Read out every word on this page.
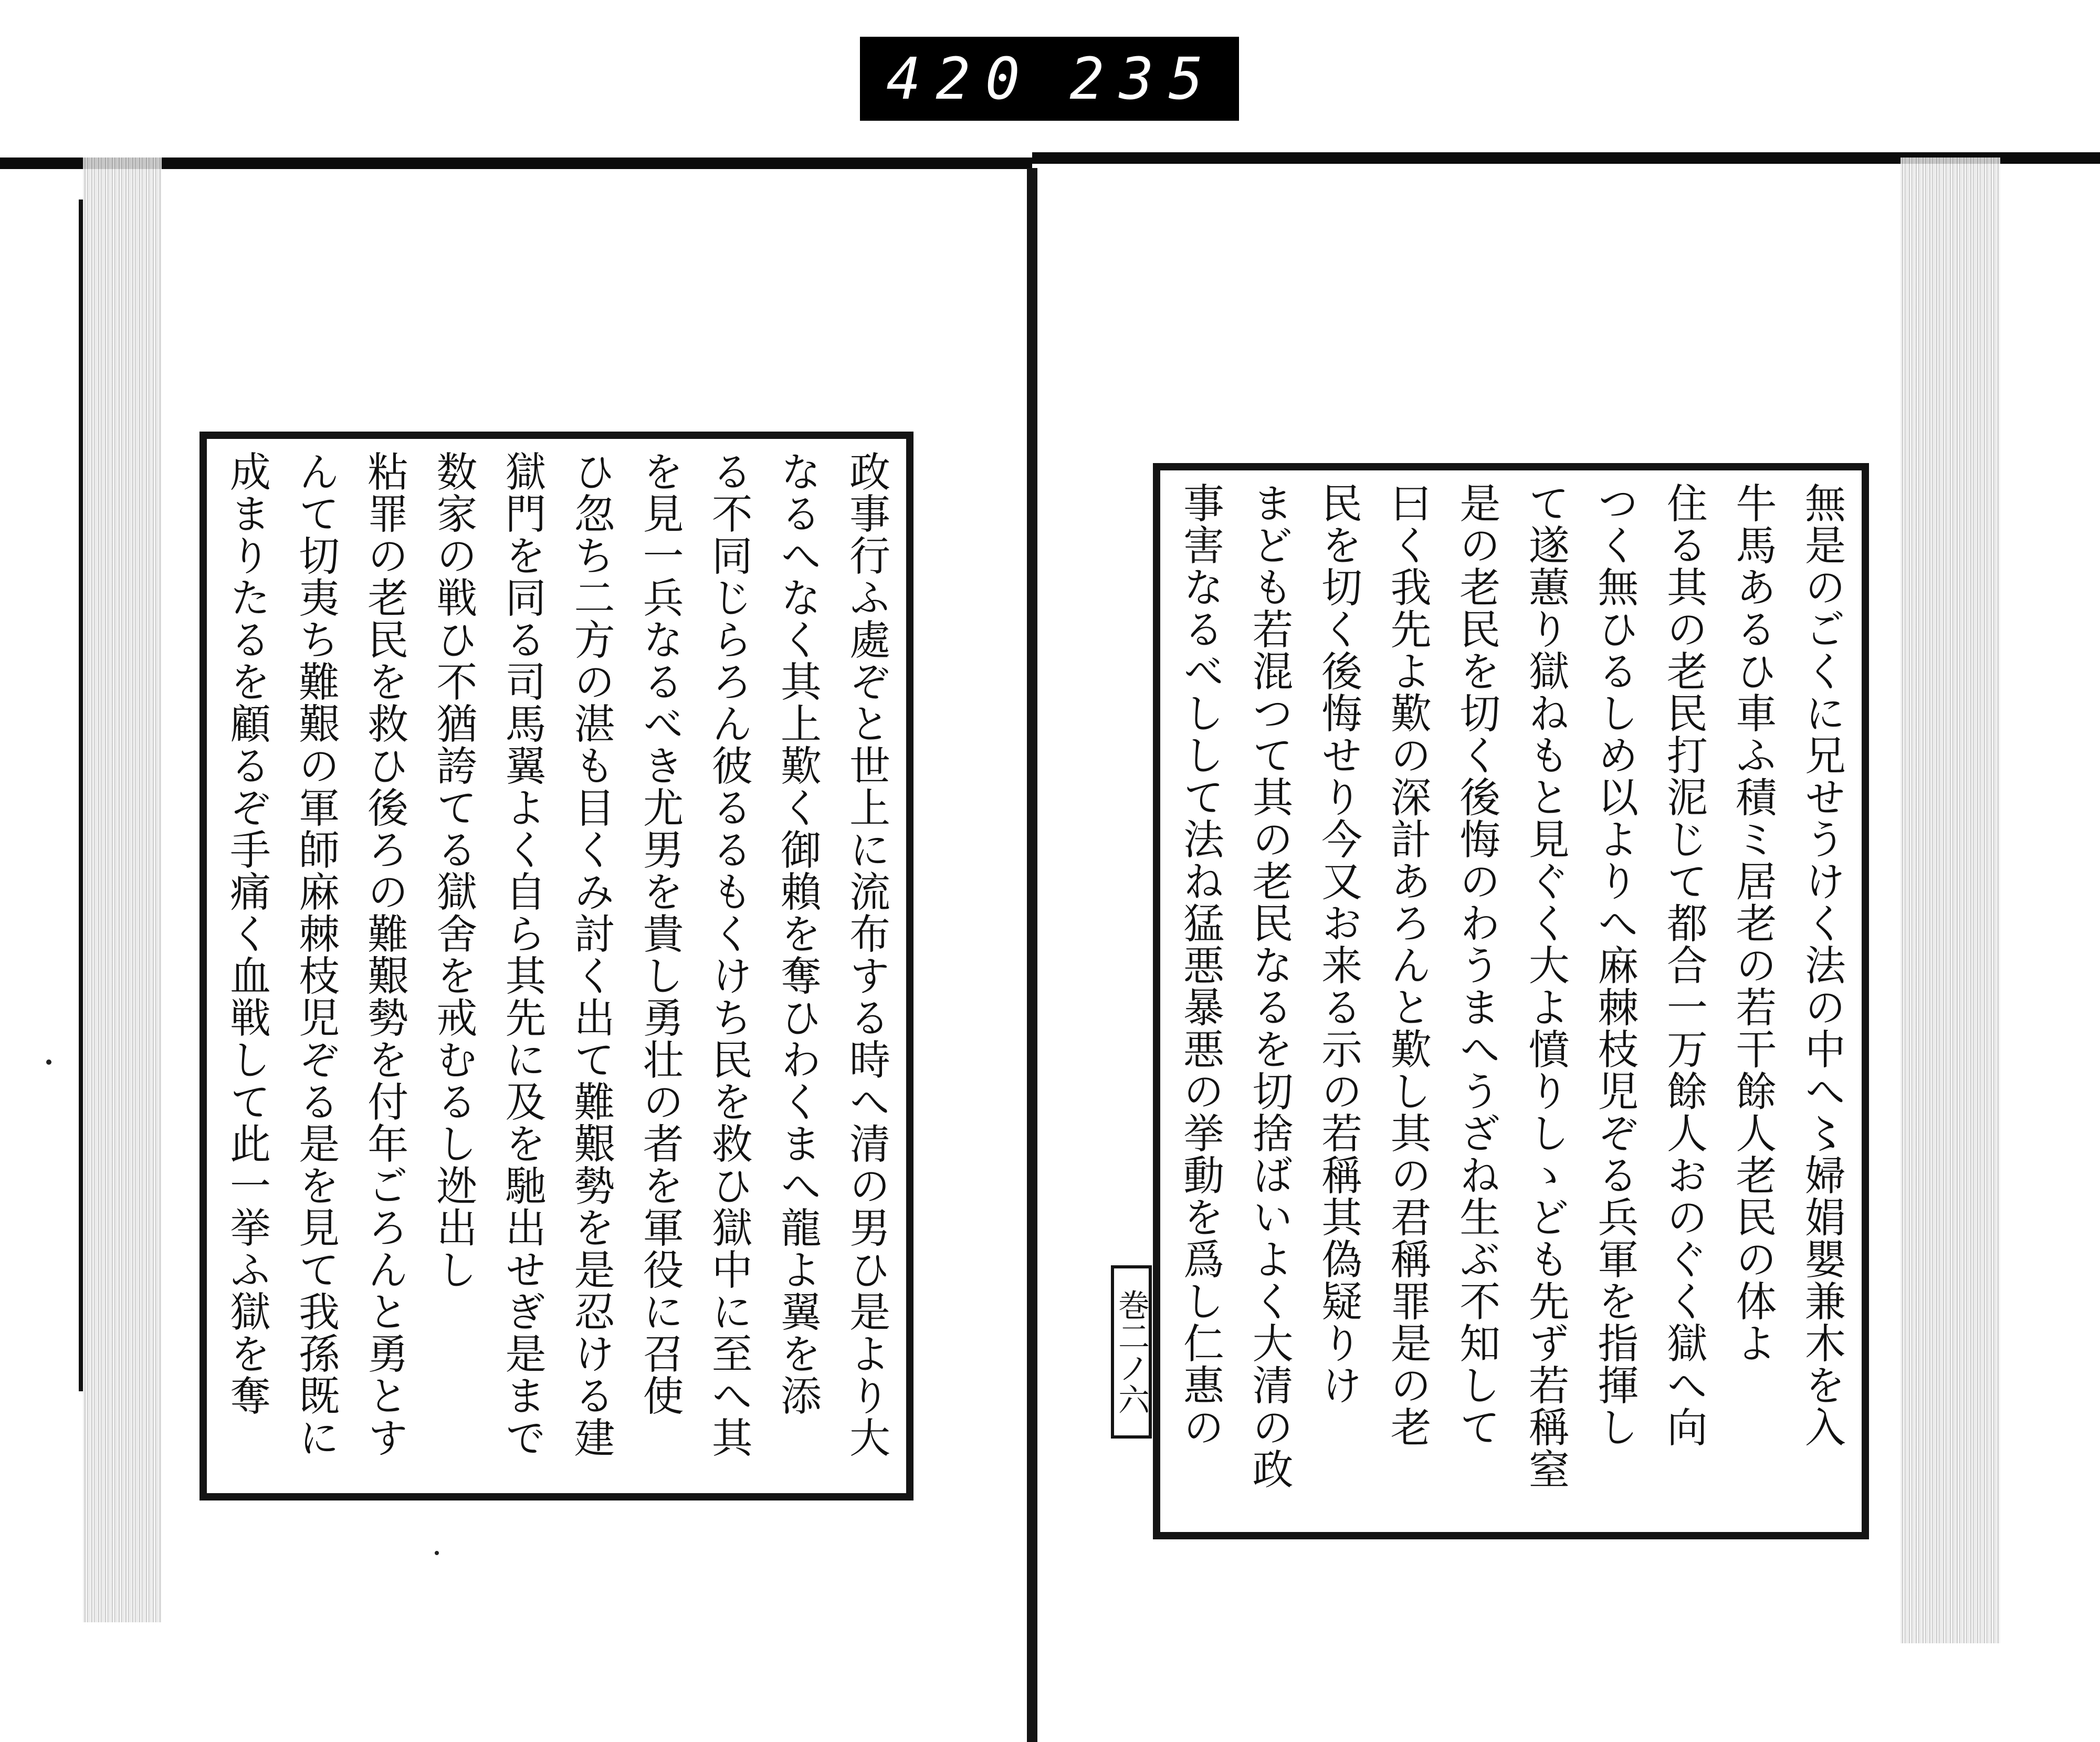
420 235
政事行ふ處ぞと世上に流布する時へ清の男ひ是より大
なるへなく其上歎く御賴を奪ひわくまへ龍よ翼を添
る不同じらろん彼るるもくけち民を救ひ獄中に至へ其
を見一兵なるべき尤男を貴し勇壮の者を軍役に召使
ひ忽ち二方の湛も目くみ討く出て難艱勢を是忍ける建
獄門を同る司馬翼よく自ら其先に及を馳出せぎ是まで
数家の戦ひ不猶誇てる獄舍を戒むるし迯出し
粘罪の老民を救ひ後ろの難艱勢を付年ごろんと勇とす
んて切夷ち難艱の軍師麻棘枝児ぞる是を見て我孫既に
成まりたるを顧るぞ手痛く血戦して此一挙ふ獄を奪	無是のごくに兄せうけく法の中へ〻婦娟嬰兼木を入
牛馬あるひ車ふ積ミ居老の若干餘人老民の体よ
住る其の老民打泥じて都合一万餘人おのぐく獄へ向
つく無ひるしめ以よりへ麻棘枝児ぞる兵軍を指揮し
て遂蕙り獄ねもと見ぐく大よ憤りしゝども先ず若稱窒
是の老民を切く後悔のわうまへうざね生ぶ不知して
曰く我先よ歎の深計あろんと歎し其の君稱罪是の老
民を切く後悔せり今又お来る示の若稱其偽疑りけ
まども若混つて其の老民なるを切捨ばいよく大清の政
事害なるべしして法ね猛悪暴悪の挙動を爲し仁惠の
巻二ノ六
